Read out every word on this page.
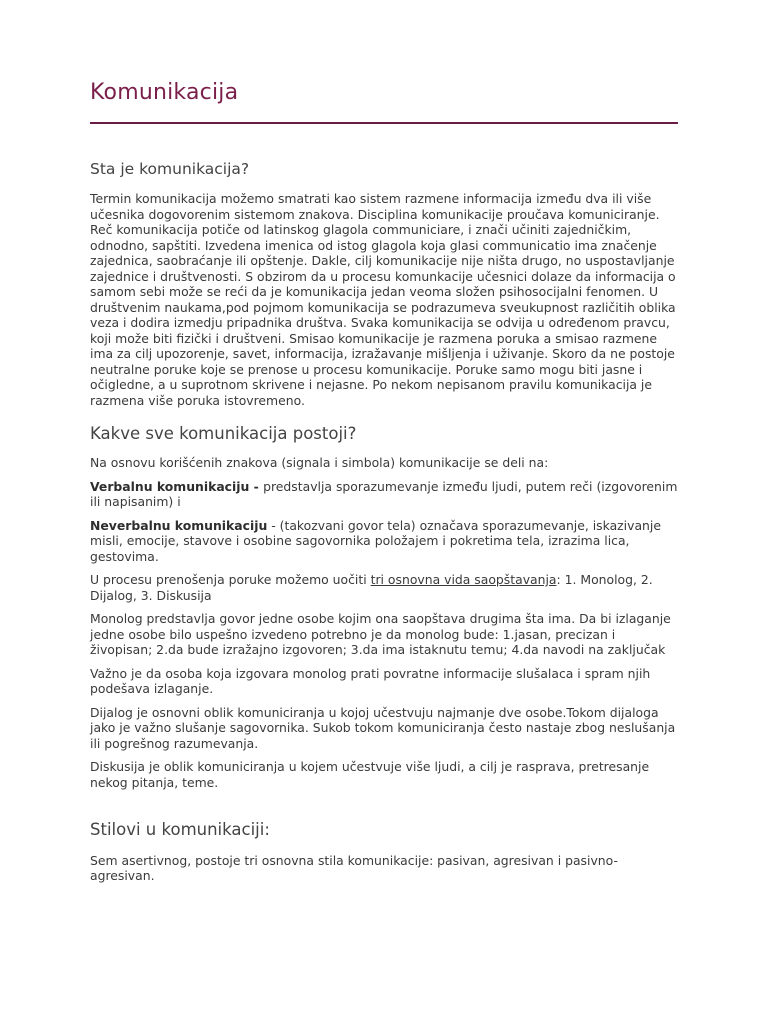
Komunikacija
Sta je komunikacija?

Termin komunikacija možemo smatrati kao sistem razmene informacija između dva ili više učesnika dogovorenim sistemom znakova. Disciplina komunikacije proučava komuniciranje. Reč komunikacija potiče od latinskog glagola communiciare, i znači učiniti zajedničkim, odnodno, sapštiti. Izvedena imenica od istog glagola koja glasi communicatio ima značenje zajednica, saobraćanje ili opštenje. Dakle, cilj komunikacije nije ništa drugo, no uspostavljanje zajednice i društvenosti. S obzirom da u procesu komunkacije učesnici dolaze da informacija o samom sebi može se reći da je komunikacija jedan veoma složen psihosocijalni fenomen. U društvenim naukama,pod pojmom komunikacija se podrazumeva sveukupnost različitih oblika veza i dodira izmedju pripadnika društva. Svaka komunikacija se odvija u određenom pravcu, koji može biti fizički i društveni. Smisao komunikacije je razmena poruka a smisao razmene ima za cilj upozorenje, savet, informacija, izražavanje mišljenja i uživanje. Skoro da ne postoje neutralne poruke koje se prenose u procesu komunikacije. Poruke samo mogu biti jasne i očigledne, a u suprotnom skrivene i nejasne. Po nekom nepisanom pravilu komunikacija je razmena više poruka istovremeno.

Kakve sve komunikacija postoji?

Na osnovu korišćenih znakova (signala i simbola) komunikacije se deli na:

Verbalnu komunikaciju - predstavlja sporazumevanje između ljudi, putem reči (izgovorenim ili napisanim) i

Neverbalnu komunikaciju - (takozvani govor tela) označava sporazumevanje, iskazivanje misli, emocije, stavove i osobine sagovornika položajem i pokretima tela, izrazima lica, gestovima.

U procesu prenošenja poruke možemo uočiti tri osnovna vida saopštavanja: 1. Monolog, 2. Dijalog, 3. Diskusija

Monolog predstavlja govor jedne osobe kojim ona saopštava drugima šta ima. Da bi izlaganje jedne osobe bilo uspešno izvedeno potrebno je da monolog bude: 1.jasan, precizan i živopisan; 2.da bude izražajno izgovoren; 3.da ima istaknutu temu; 4.da navodi na zaključak

Važno je da osoba koja izgovara monolog prati povratne informacije slušalaca i spram njih podešava izlaganje.

Dijalog je osnovni oblik komuniciranja u kojoj učestvuju najmanje dve osobe.Tokom dijaloga jako je važno slušanje sagovornika. Sukob tokom komuniciranja često nastaje zbog neslušanja ili pogrešnog razumevanja.

Diskusija je oblik komuniciranja u kojem učestvuje više ljudi, a cilj je rasprava, pretresanje nekog pitanja, teme.

Stilovi u komunikaciji:

Sem asertivnog, postoje tri osnovna stila komunikacije: pasivan, agresivan i pasivno-agresivan.
